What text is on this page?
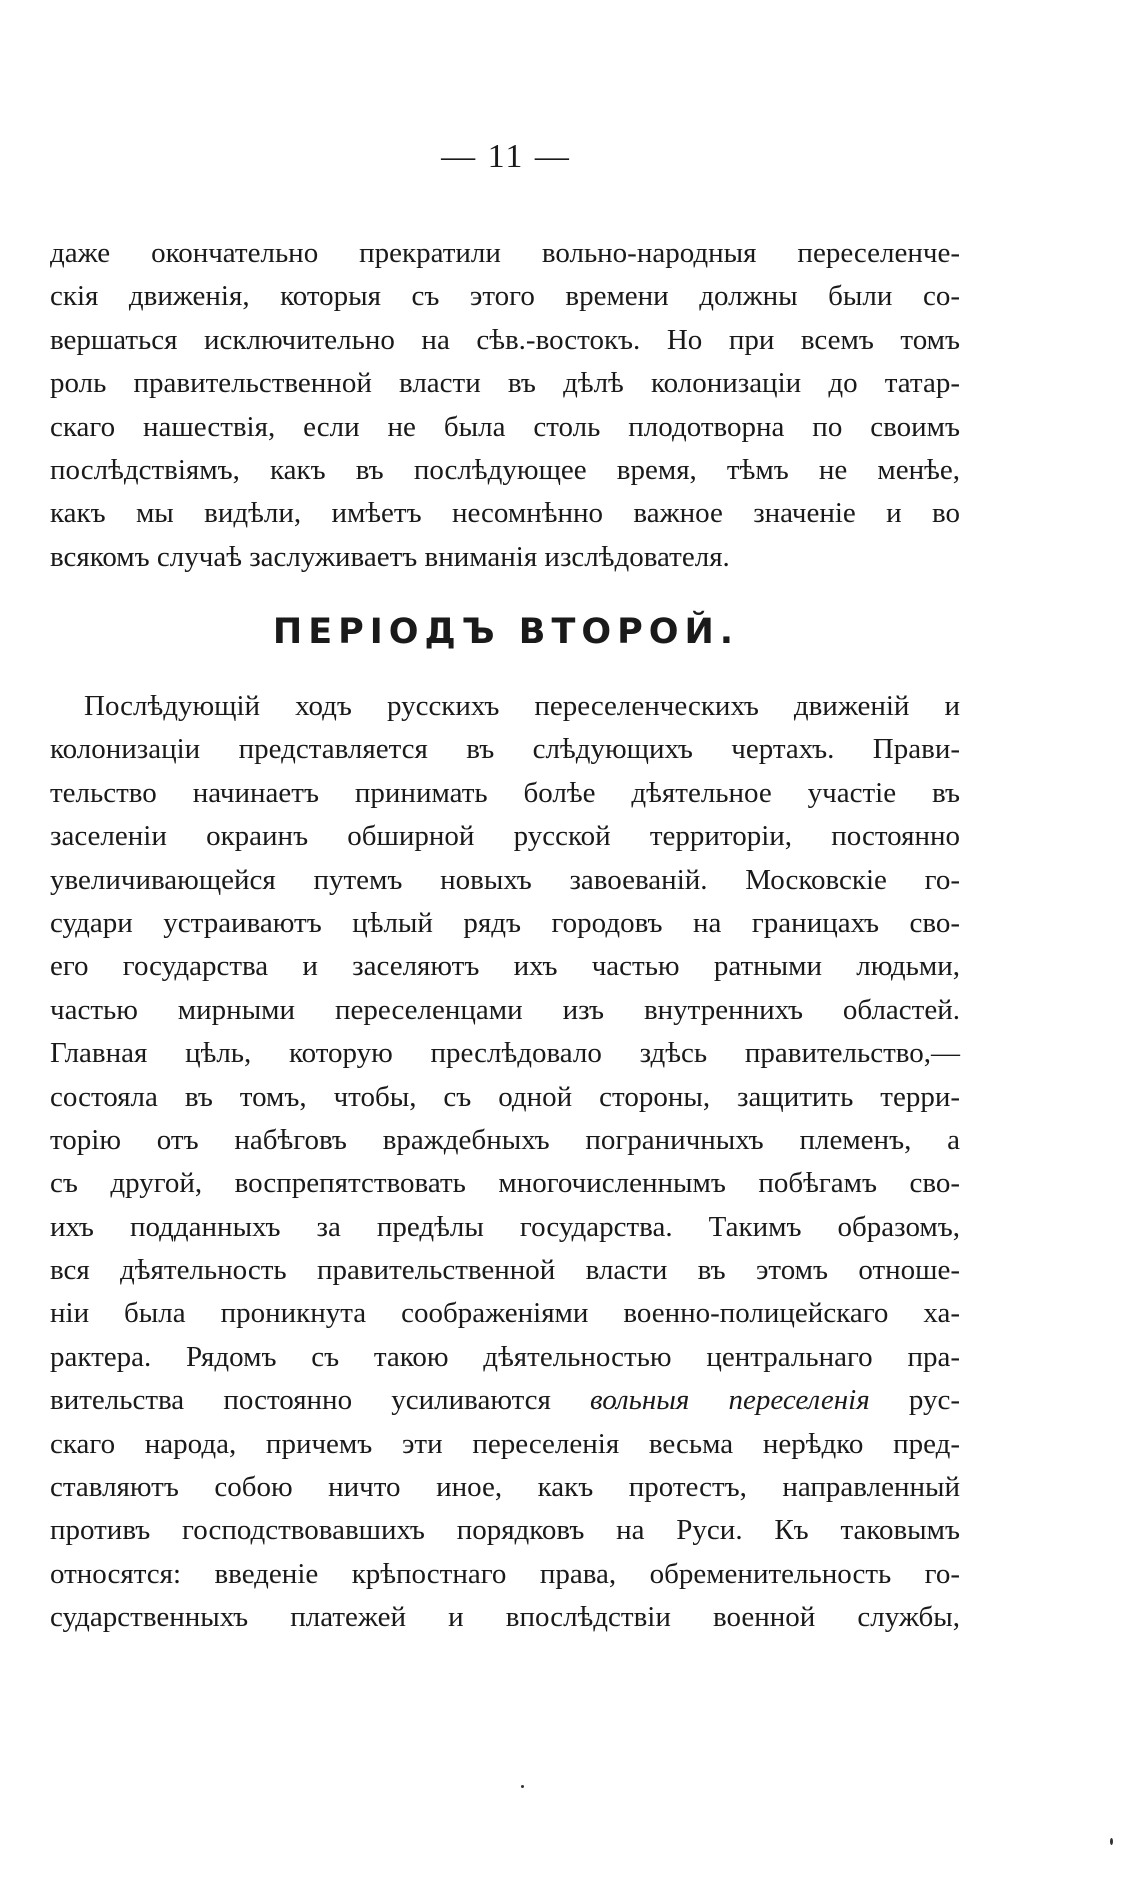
— 11 —
даже окончательно прекратили вольно-народныя переселенче-
скія движенія, которыя съ этого времени должны были со-
вершаться исключительно на сѣв.-востокъ. Но при всемъ томъ
роль правительственной власти въ дѣлѣ колонизаціи до татар-
скаго нашествія, если не была столь плодотворна по своимъ
послѣдствіямъ, какъ въ послѣдующее время, тѣмъ не менѣе,
какъ мы видѣли, имѣетъ несомнѣнно важное значеніе и во
всякомъ случаѣ заслуживаетъ вниманія изслѣдователя.
ПЕРІОДЪ ВТОРОЙ.
Послѣдующій ходъ русскихъ переселенческихъ движеній и
колонизаціи представляется въ слѣдующихъ чертахъ. Прави-
тельство начинаетъ принимать болѣе дѣятельное участіе въ
заселеніи окраинъ обширной русской территоріи, постоянно
увеличивающейся путемъ новыхъ завоеваній. Московскіе го-
судари устраиваютъ цѣлый рядъ городовъ на границахъ сво-
его государства и заселяютъ ихъ частью ратными людьми,
частью мирными переселенцами изъ внутреннихъ областей.
Главная цѣль, которую преслѣдовало здѣсь правительство,—
состояла въ томъ, чтобы, съ одной стороны, защитить терри-
торію отъ набѣговъ враждебныхъ пограничныхъ племенъ, а
съ другой, воспрепятствовать многочисленнымъ побѣгамъ сво-
ихъ подданныхъ за предѣлы государства. Такимъ образомъ,
вся дѣятельность правительственной власти въ этомъ отноше-
ніи была проникнута соображеніями военно-полицейскаго ха-
рактера. Рядомъ съ такою дѣятельностью центральнаго пра-
вительства постоянно усиливаются вольныя переселенія рус-
скаго народа, причемъ эти переселенія весьма нерѣдко пред-
ставляютъ собою ничто иное, какъ протестъ, направленный
противъ господствовавшихъ порядковъ на Руси. Къ таковымъ
относятся: введеніе крѣпостнаго права, обременительность го-
сударственныхъ платежей и впослѣдствіи военной службы,
